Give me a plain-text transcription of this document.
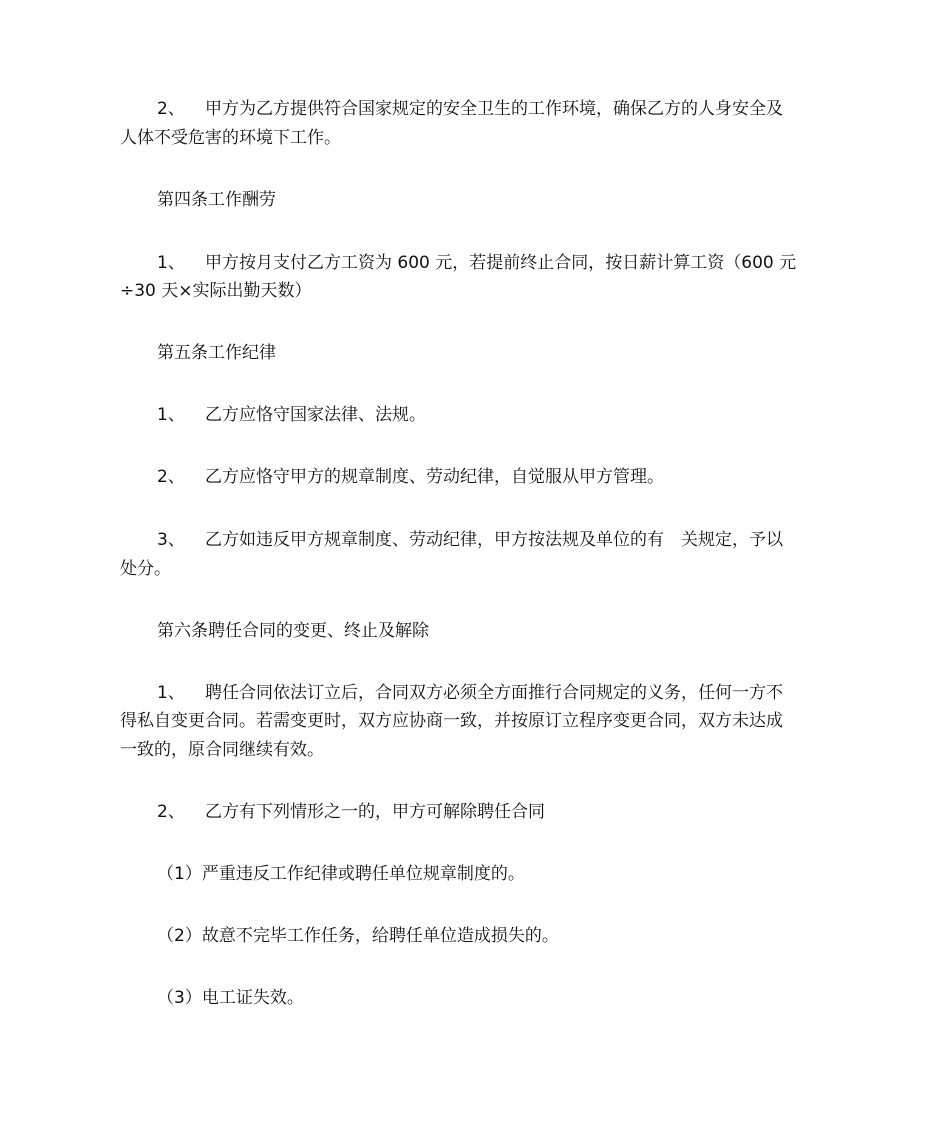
2、 甲方为乙方提供符合国家规定的安全卫生的工作环境，确保乙方的人身安全及
人体不受危害的环境下工作。
第四条工作酬劳
1、 甲方按月支付乙方工资为 600 元，若提前终止合同，按日薪计算工资（600 元
÷30 天×实际出勤天数）
第五条工作纪律
1、 乙方应恪守国家法律、法规。
2、 乙方应恪守甲方的规章制度、劳动纪律，自觉服从甲方管理。
3、 乙方如违反甲方规章制度、劳动纪律，甲方按法规及单位的有　关规定，予以
处分。
第六条聘任合同的变更、终止及解除
1、 聘任合同依法订立后，合同双方必须全方面推行合同规定的义务，任何一方不
得私自变更合同。若需变更时，双方应协商一致，并按原订立程序变更合同，双方未达成
一致的，原合同继续有效。
2、 乙方有下列情形之一的，甲方可解除聘任合同
（1）严重违反工作纪律或聘任单位规章制度的。
（2）故意不完毕工作任务，给聘任单位造成损失的。
（3）电工证失效。
